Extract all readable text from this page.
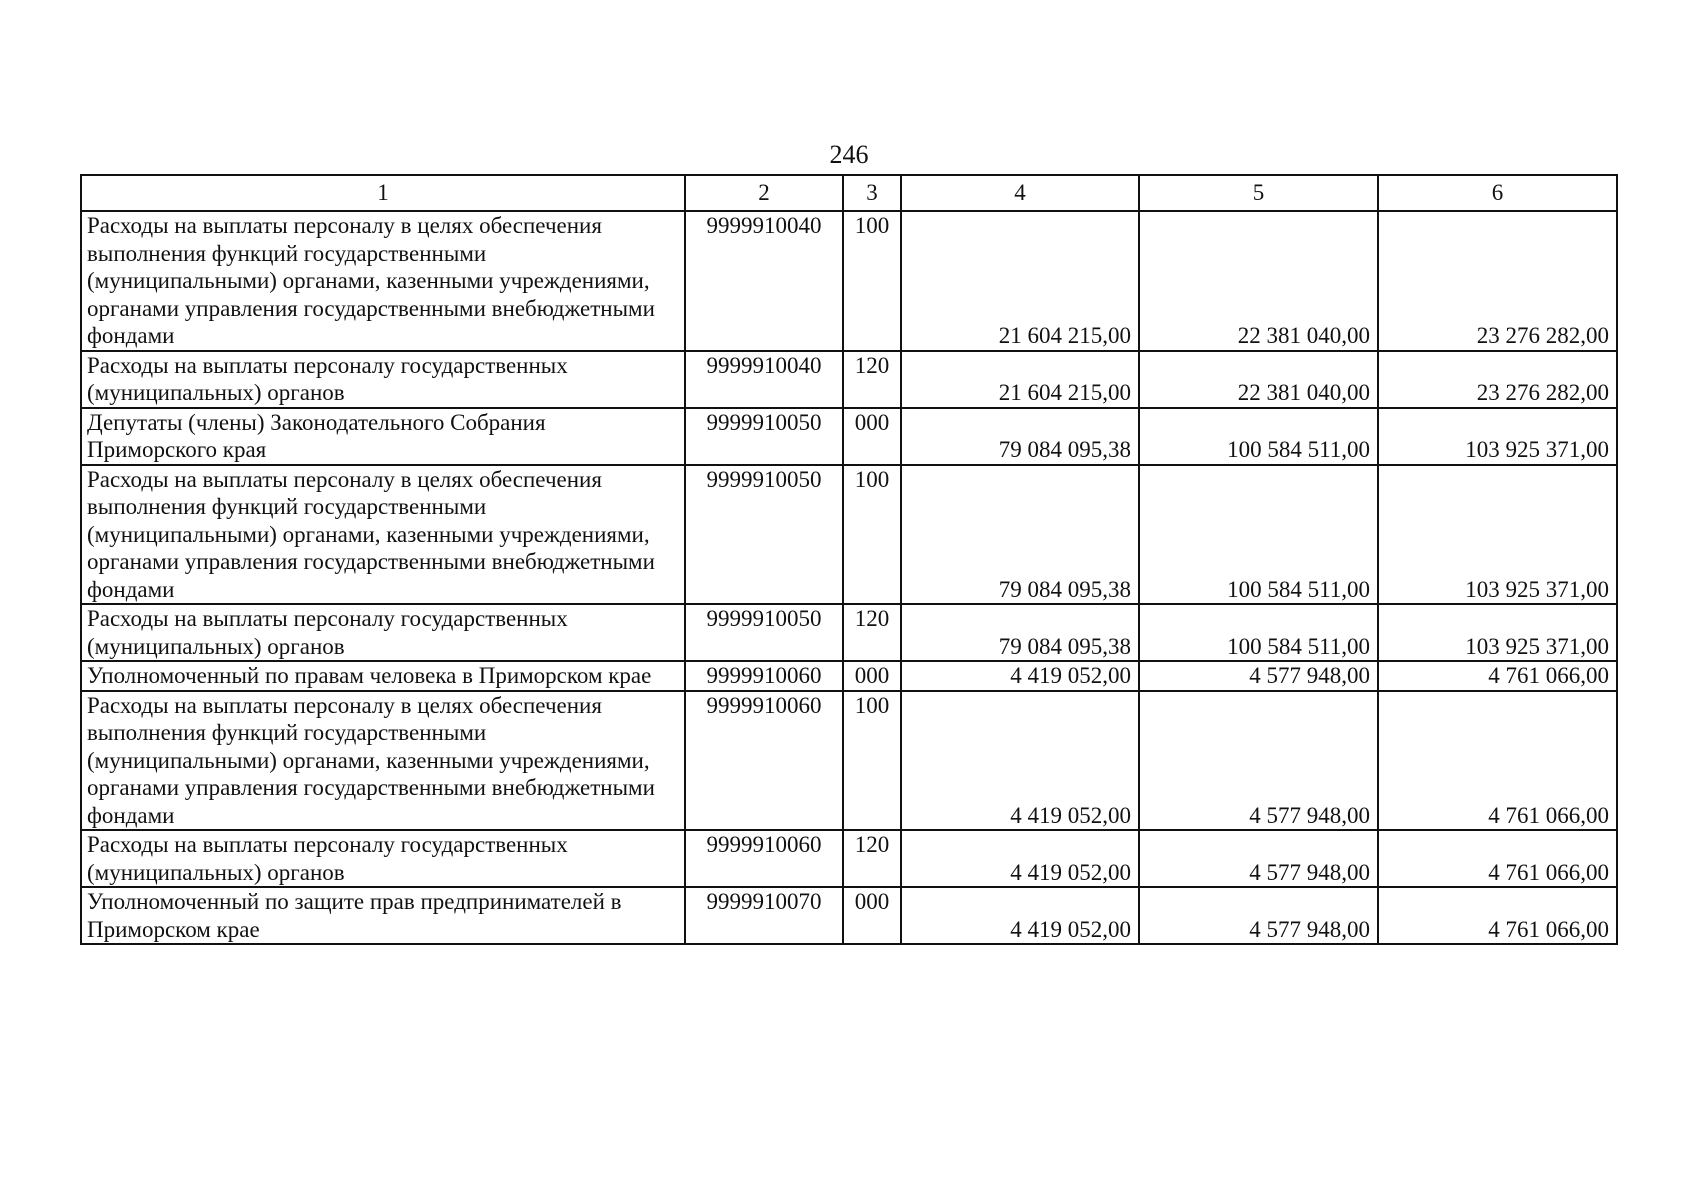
246
1	2	3	4	5	6
Расходы на выплаты персоналу в целях обеспечения выполнения функций государственными (муниципальными) органами, казенными учреждениями, органами управления государственными внебюджетными фондами	9999910040	100	21 604 215,00	22 381 040,00	23 276 282,00
Расходы на выплаты персоналу государственных (муниципальных) органов	9999910040	120	21 604 215,00	22 381 040,00	23 276 282,00
Депутаты (члены) Законодательного Собрания Приморского края	9999910050	000	79 084 095,38	100 584 511,00	103 925 371,00
Расходы на выплаты персоналу в целях обеспечения выполнения функций государственными (муниципальными) органами, казенными учреждениями, органами управления государственными внебюджетными фондами	9999910050	100	79 084 095,38	100 584 511,00	103 925 371,00
Расходы на выплаты персоналу государственных (муниципальных) органов	9999910050	120	79 084 095,38	100 584 511,00	103 925 371,00
Уполномоченный по правам человека в Приморском крае	9999910060	000	4 419 052,00	4 577 948,00	4 761 066,00
Расходы на выплаты персоналу в целях обеспечения выполнения функций государственными (муниципальными) органами, казенными учреждениями, органами управления государственными внебюджетными фондами	9999910060	100	4 419 052,00	4 577 948,00	4 761 066,00
Расходы на выплаты персоналу государственных (муниципальных) органов	9999910060	120	4 419 052,00	4 577 948,00	4 761 066,00
Уполномоченный по защите прав предпринимателей в Приморском крае	9999910070	000	4 419 052,00	4 577 948,00	4 761 066,00
